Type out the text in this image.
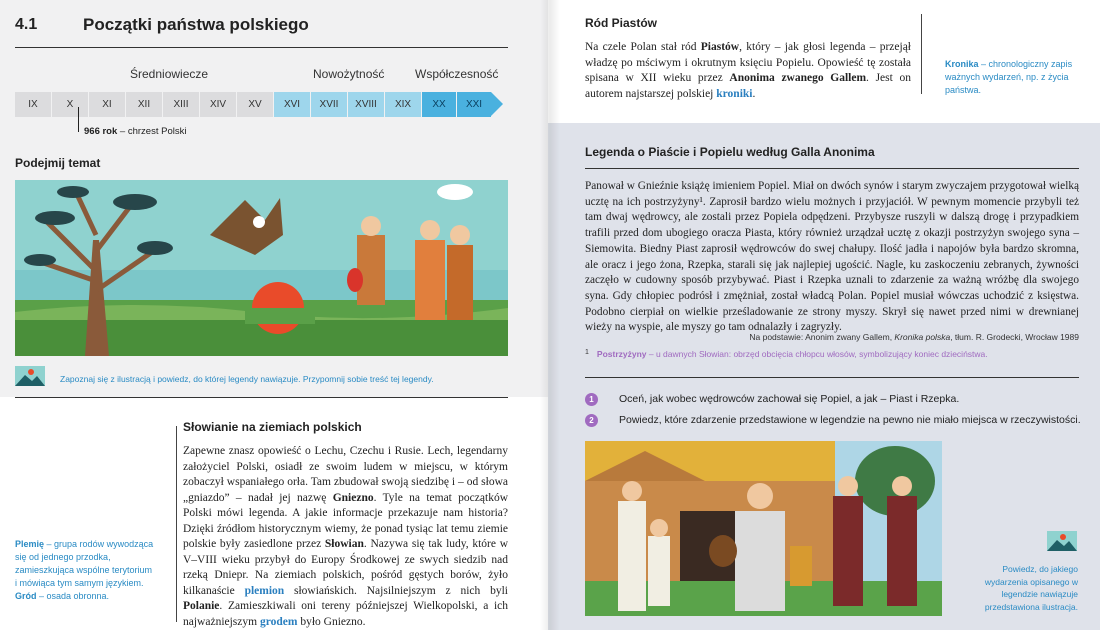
4.1	Początki państwa polskiego
Średniowiecze	Nowożytność	Współczesność
IX	X	XI	XII	XIII	XIV	XV	XVI	XVII	XVIII	XIX	XX	XXI
966 rok – chrzest Polski
Podejmij temat
Zapoznaj się z ilustracją i powiedz, do której legendy nawiązuje. Przypomnij sobie treść tej legendy.
Słowianie na ziemiach polskich
Zapewne znasz opowieść o Lechu, Czechu i Rusie. Lech, legendarny założyciel Polski, osiadł ze swoim ludem w miejscu, w którym zobaczył wspaniałego orła. Tam zbudował swoją siedzibę i – od słowa „gniazdo” – nadał jej nazwę Gniezno. Tyle na temat początków Polski mówi legenda. A jakie informacje przekazuje nam historia? Dzięki źródłom historycznym wiemy, że ponad tysiąc lat temu ziemie polskie były zasiedlone przez Słowian. Nazywa się tak ludy, które w V–VIII wieku przybył do Europy Środkowej ze swych siedzib nad rzeką Dniepr. Na ziemiach polskich, pośród gęstych borów, żyło kilkanaście plemion słowiańskich. Najsilniejszym z nich byli Polanie. Zamieszkiwali oni tereny późniejszej Wielkopolski, a ich najważniejszym grodem było Gniezno.
Plemię – grupa rodów wywodząca się od jednego przodka, zamieszkująca wspólne terytorium i mówiąca tym samym językiem.
Gród – osada obronna.
Ród Piastów
Na czele Polan stał ród Piastów, który – jak głosi legenda – przejął władzę po mściwym i okrutnym księciu Popielu. Opowieść tę została spisana w XII wieku przez Anonima zwanego Gallem. Jest on autorem najstarszej polskiej kroniki.
Kronika – chronologiczny zapis ważnych wydarzeń, np. z życia państwa.
Legenda o Piaście i Popielu według Galla Anonima
Panował w Gnieźnie książę imieniem Popiel. Miał on dwóch synów i starym zwyczajem przygotował wielką ucztę na ich postrzyżyny¹. Zaprosił bardzo wielu możnych i przyjaciół. W pewnym momencie przybyli też tam dwaj wędrowcy, ale zostali przez Popiela odpędzeni. Przybysze ruszyli w dalszą drogę i przypadkiem trafili przed dom ubogiego oracza Piasta, który również urządzał ucztę z okazji postrzyżyn swojego syna – Siemowita. Biedny Piast zaprosił wędrowców do swej chałupy. Ilość jadła i napojów była bardzo skromna, ale oracz i jego żona, Rzepka, starali się jak najlepiej ugościć. Nagle, ku zaskoczeniu zebranych, żywności zaczęło w cudowny sposób przybywać. Piast i Rzepka uznali to zdarzenie za ważną wróżbę dla swojego syna. Gdy chłopiec podrósł i zmężniał, został władcą Polan. Popiel musiał wówczas uchodzić z księstwa. Podobno cierpiał on wielkie prześladowanie ze strony myszy. Skrył się nawet przed nimi w drewnianej wieży na wyspie, ale myszy go tam odnalazły i zagryzły.
Na podstawie: Anonim zwany Gallem, Kronika polska, tłum. R. Grodecki, Wrocław 1989
$^1$ Postrzyżyny – u dawnych Słowian: obrzęd obcięcia chłopcu włosów, symbolizujący koniec dzieciństwa.
1	Oceń, jak wobec wędrowców zachował się Popiel, a jak – Piast i Rzepka.
2	Powiedz, które zdarzenie przedstawione w legendzie na pewno nie miało miejsca w rzeczywistości.
Powiedz, do jakiego wydarzenia opisanego w legendzie nawiązuje przedstawiona ilustracja.
